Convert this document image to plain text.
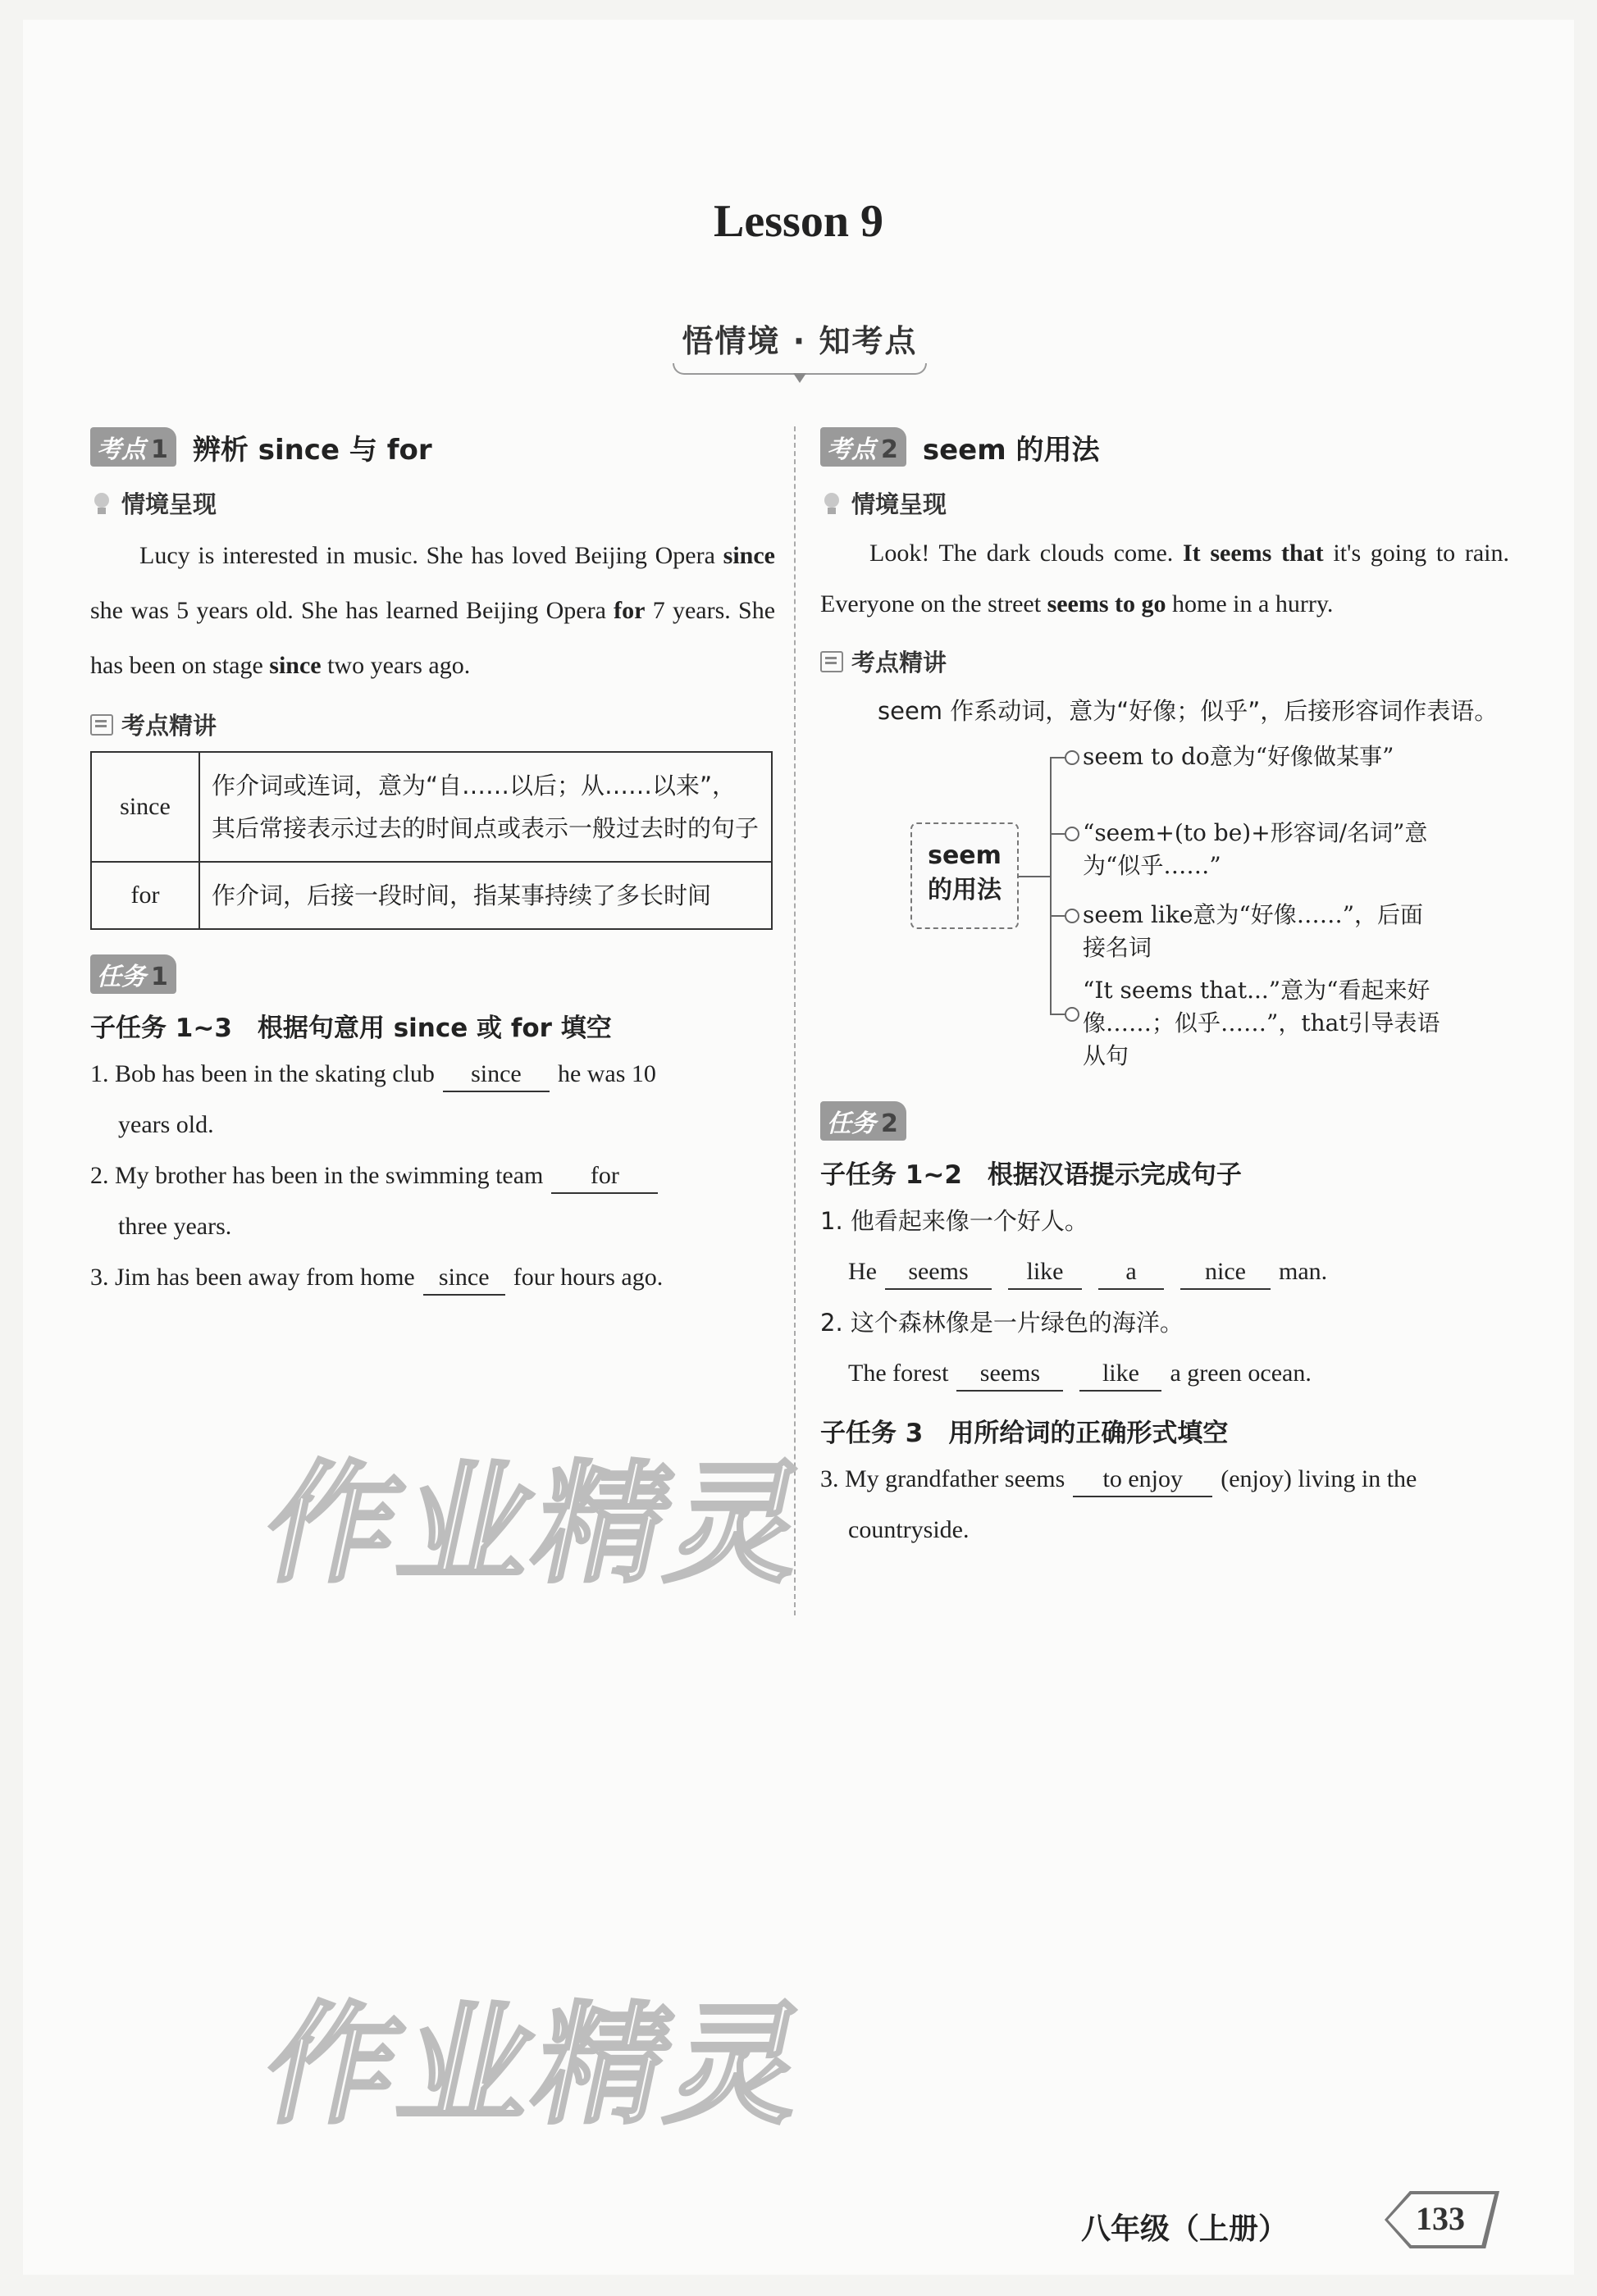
Lesson 9
悟情境 · 知考点
考点 1 辨析 since 与 for
情境呈现

Lucy is interested in music. She has loved Beijing Opera since she was 5 years old. She has learned Beijing Opera for 7 years. She has been on stage since two years ago.

考点精讲
since	作介词或连词，意为“自……以后；从……以来”，其后常接表示过去的时间点或表示一般过去时的句子
for	作介词，后接一段时间，指某事持续了多长时间
任务 1
子任务 1~3　根据句意用 since 或 for 填空
1. Bob has been in the skating club since he was 10
years old.
2. My brother has been in the swimming team for
three years.
3. Jim has been away from home since four hours ago.
考点 2 seem 的用法
情境呈现

Look! The dark clouds come. It seems that it's going to rain. Everyone on the street seems to go home in a hurry.

考点精讲
seem 作系动词，意为“好像；似乎”，后接形容词作表语。
seem
的用法
seem to do意为“好像做某事”
“seem+(to be)+形容词/名词”意为“似乎……”
seem like意为“好像……”，后面接名词
“It seems that...”意为“看起来好像……；似乎……”，that引导表语从句
任务 2
子任务 1~2　根据汉语提示完成句子
1. 他看起来像一个好人。
He seems like	a	nice man.
2. 这个森林像是一片绿色的海洋。
The forest seems	like a green ocean.
子任务 3　用所给词的正确形式填空
3. My grandfather seems to enjoy (enjoy) living in the
countryside.
作业精灵
作业精灵
八年级（上册）	133
